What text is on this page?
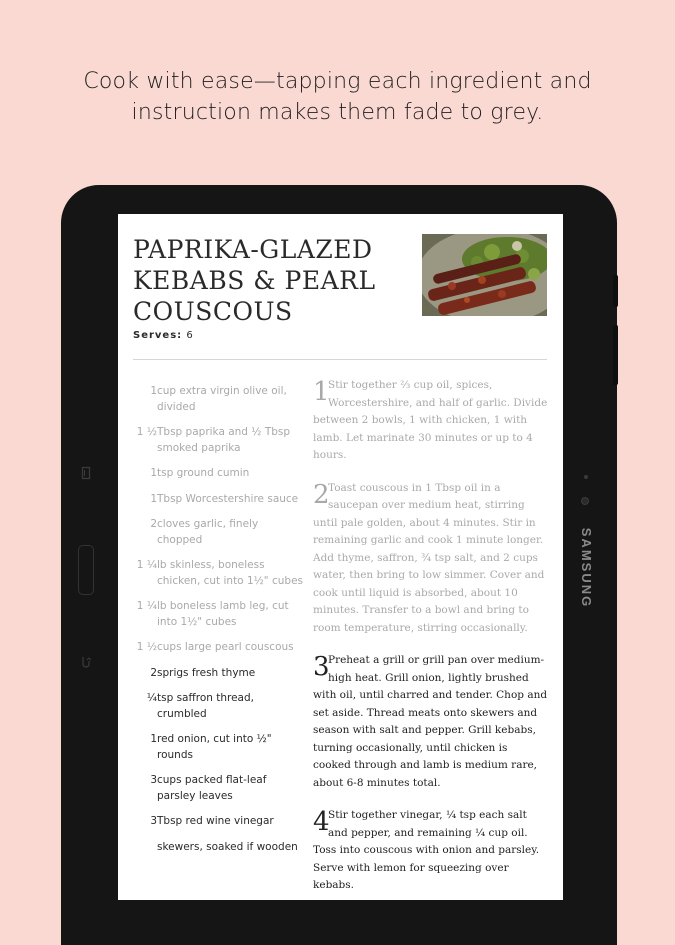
Cook with ease—tapping each ingredient and
instruction makes them fade to grey.
SAMSUNG
PAPRIKA-GLAZED
KEBABS & PEARL
COUSCOUS
Serves: 6
1 cup extra virgin olive oil, divided
1 ½ Tbsp paprika and ½ Tbsp smoked paprika
1 tsp ground cumin
1 Tbsp Worcestershire sauce
2 cloves garlic, finely chopped
1 ¼ lb skinless, boneless chicken, cut into 1½" cubes
1 ¼ lb boneless lamb leg, cut into 1½" cubes
1 ½ cups large pearl couscous
2 sprigs fresh thyme
¼ tsp saffron thread, crumbled
1 red onion, cut into ½" rounds
3 cups packed flat-leaf parsley leaves
3 Tbsp red wine vinegar
skewers, soaked if wooden
1
Stir together ⅔ cup oil, spices, Worcestershire, and half of garlic. Divide between 2 bowls, 1 with chicken, 1 with lamb. Let marinate 30 minutes or up to 4 hours.
2
Toast couscous in 1 Tbsp oil in a saucepan over medium heat, stirring until pale golden, about 4 minutes. Stir in remaining garlic and cook 1 minute longer. Add thyme, saffron, ¾ tsp salt, and 2 cups water, then bring to low simmer. Cover and cook until liquid is absorbed, about 10 minutes. Transfer to a bowl and bring to room temperature, stirring occasionally.
3
Preheat a grill or grill pan over medium-high heat. Grill onion, lightly brushed with oil, until charred and tender. Chop and set aside. Thread meats onto skewers and season with salt and pepper. Grill kebabs, turning occasionally, until chicken is cooked through and lamb is medium rare, about 6-8 minutes total.
4
Stir together vinegar, ¼ tsp each salt and pepper, and remaining ¼ cup oil. Toss into couscous with onion and parsley. Serve with lemon for squeezing over kebabs.
